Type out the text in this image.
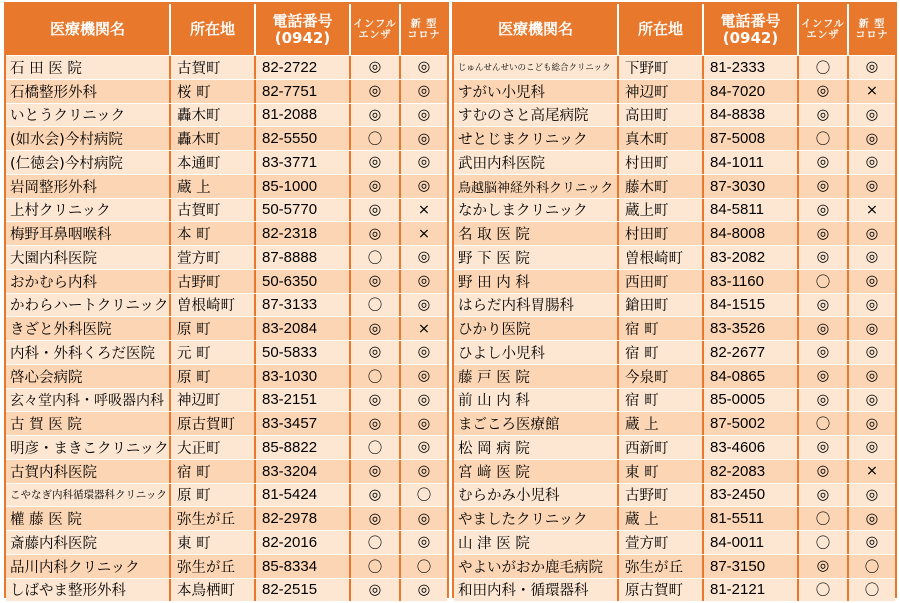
医療機関名	所在地 電話番号
(0942)
インフル
エンザ
新 型
コロナ
石 田 医 院	古賀町	82-2722	◎	◎
石橋整形外科	桜 町	82-7751	◎	◎
いとうクリニック	轟木町	81-2088	◎	◎
(如水会)今村病院	轟木町	82-5550	〇	◎
(仁徳会)今村病院	本通町	83-3771	◎	◎
岩岡整形外科	蔵 上	85-1000	◎	◎
上村クリニック	古賀町	50-5770	◎	×
梅野耳鼻咽喉科	本 町	82-2318	◎	×
大園内科医院	萱方町	87-8888	〇	◎
おかむら内科	古野町	50-6350	◎	◎
かわらハートクリニック 曽根崎町	87-3133	〇	◎
きざと外科医院	原 町	83-2084	◎	×
内科・外科くろだ医院	元 町	50-5833	◎	◎
啓心会病院	原 町	83-1030	〇	◎
玄々堂内科・呼吸器内科 神辺町	83-2151	◎	◎
古 賀 医 院	原古賀町	83-3457	◎	◎
明彦・まきこクリニック 大正町	85-8822	〇	◎
古賀内科医院	宿 町	83-3204	◎	◎
こやなぎ内科循環器科クリニック 原 町	81-5424	◎	〇
權 藤 医 院	弥生が丘	82-2978	◎	◎
斎藤内科医院	東 町	82-2016	〇	◎
品川内科クリニック	弥生が丘	85-8334	〇	〇
しばやま整形外科	本鳥栖町	82-2515	◎	◎
医療機関名	所在地 電話番号
(0942)
インフル
エンザ
新 型
コロナ
じゅんせんせいのこども総合クリニック	下野町	81-2333	〇	◎
すがい小児科	神辺町	84-7020	◎	×
すむのさと高尾病院	高田町	84-8838	◎	◎
せとじまクリニック	真木町	87-5008	〇	◎
武田内科医院	村田町	84-1011	◎	◎
鳥越脳神経外科クリニック 藤木町	87-3030	◎	◎
なかしまクリニック	蔵上町	84-5811	◎	×
名 取 医 院	村田町	84-8008	◎	◎
野 下 医 院	曽根崎町	83-2082	◎	◎
野 田 内 科	西田町	83-1160	〇	◎
はらだ内科胃腸科	鎗田町	84-1515	◎	◎
ひかり医院	宿 町	83-3526	◎	◎
ひよし小児科	宿 町	82-2677	◎	◎
藤 戸 医 院	今泉町	84-0865	◎	◎
前 山 内 科	宿 町	85-0005	◎	◎
まごころ医療館	蔵 上	87-5002	〇	◎
松 岡 病 院	西新町	83-4606	◎	◎
宮 﨑 医 院	東 町	82-2083	◎	×
むらかみ小児科	古野町	83-2450	◎	◎
やましたクリニック	蔵 上	81-5511	〇	◎
山 津 医 院	萱方町	84-0011	〇	◎
やよいがおか鹿毛病院	弥生が丘	87-3150	◎	〇
和田内科・循環器科	原古賀町	81-2121	〇	〇
